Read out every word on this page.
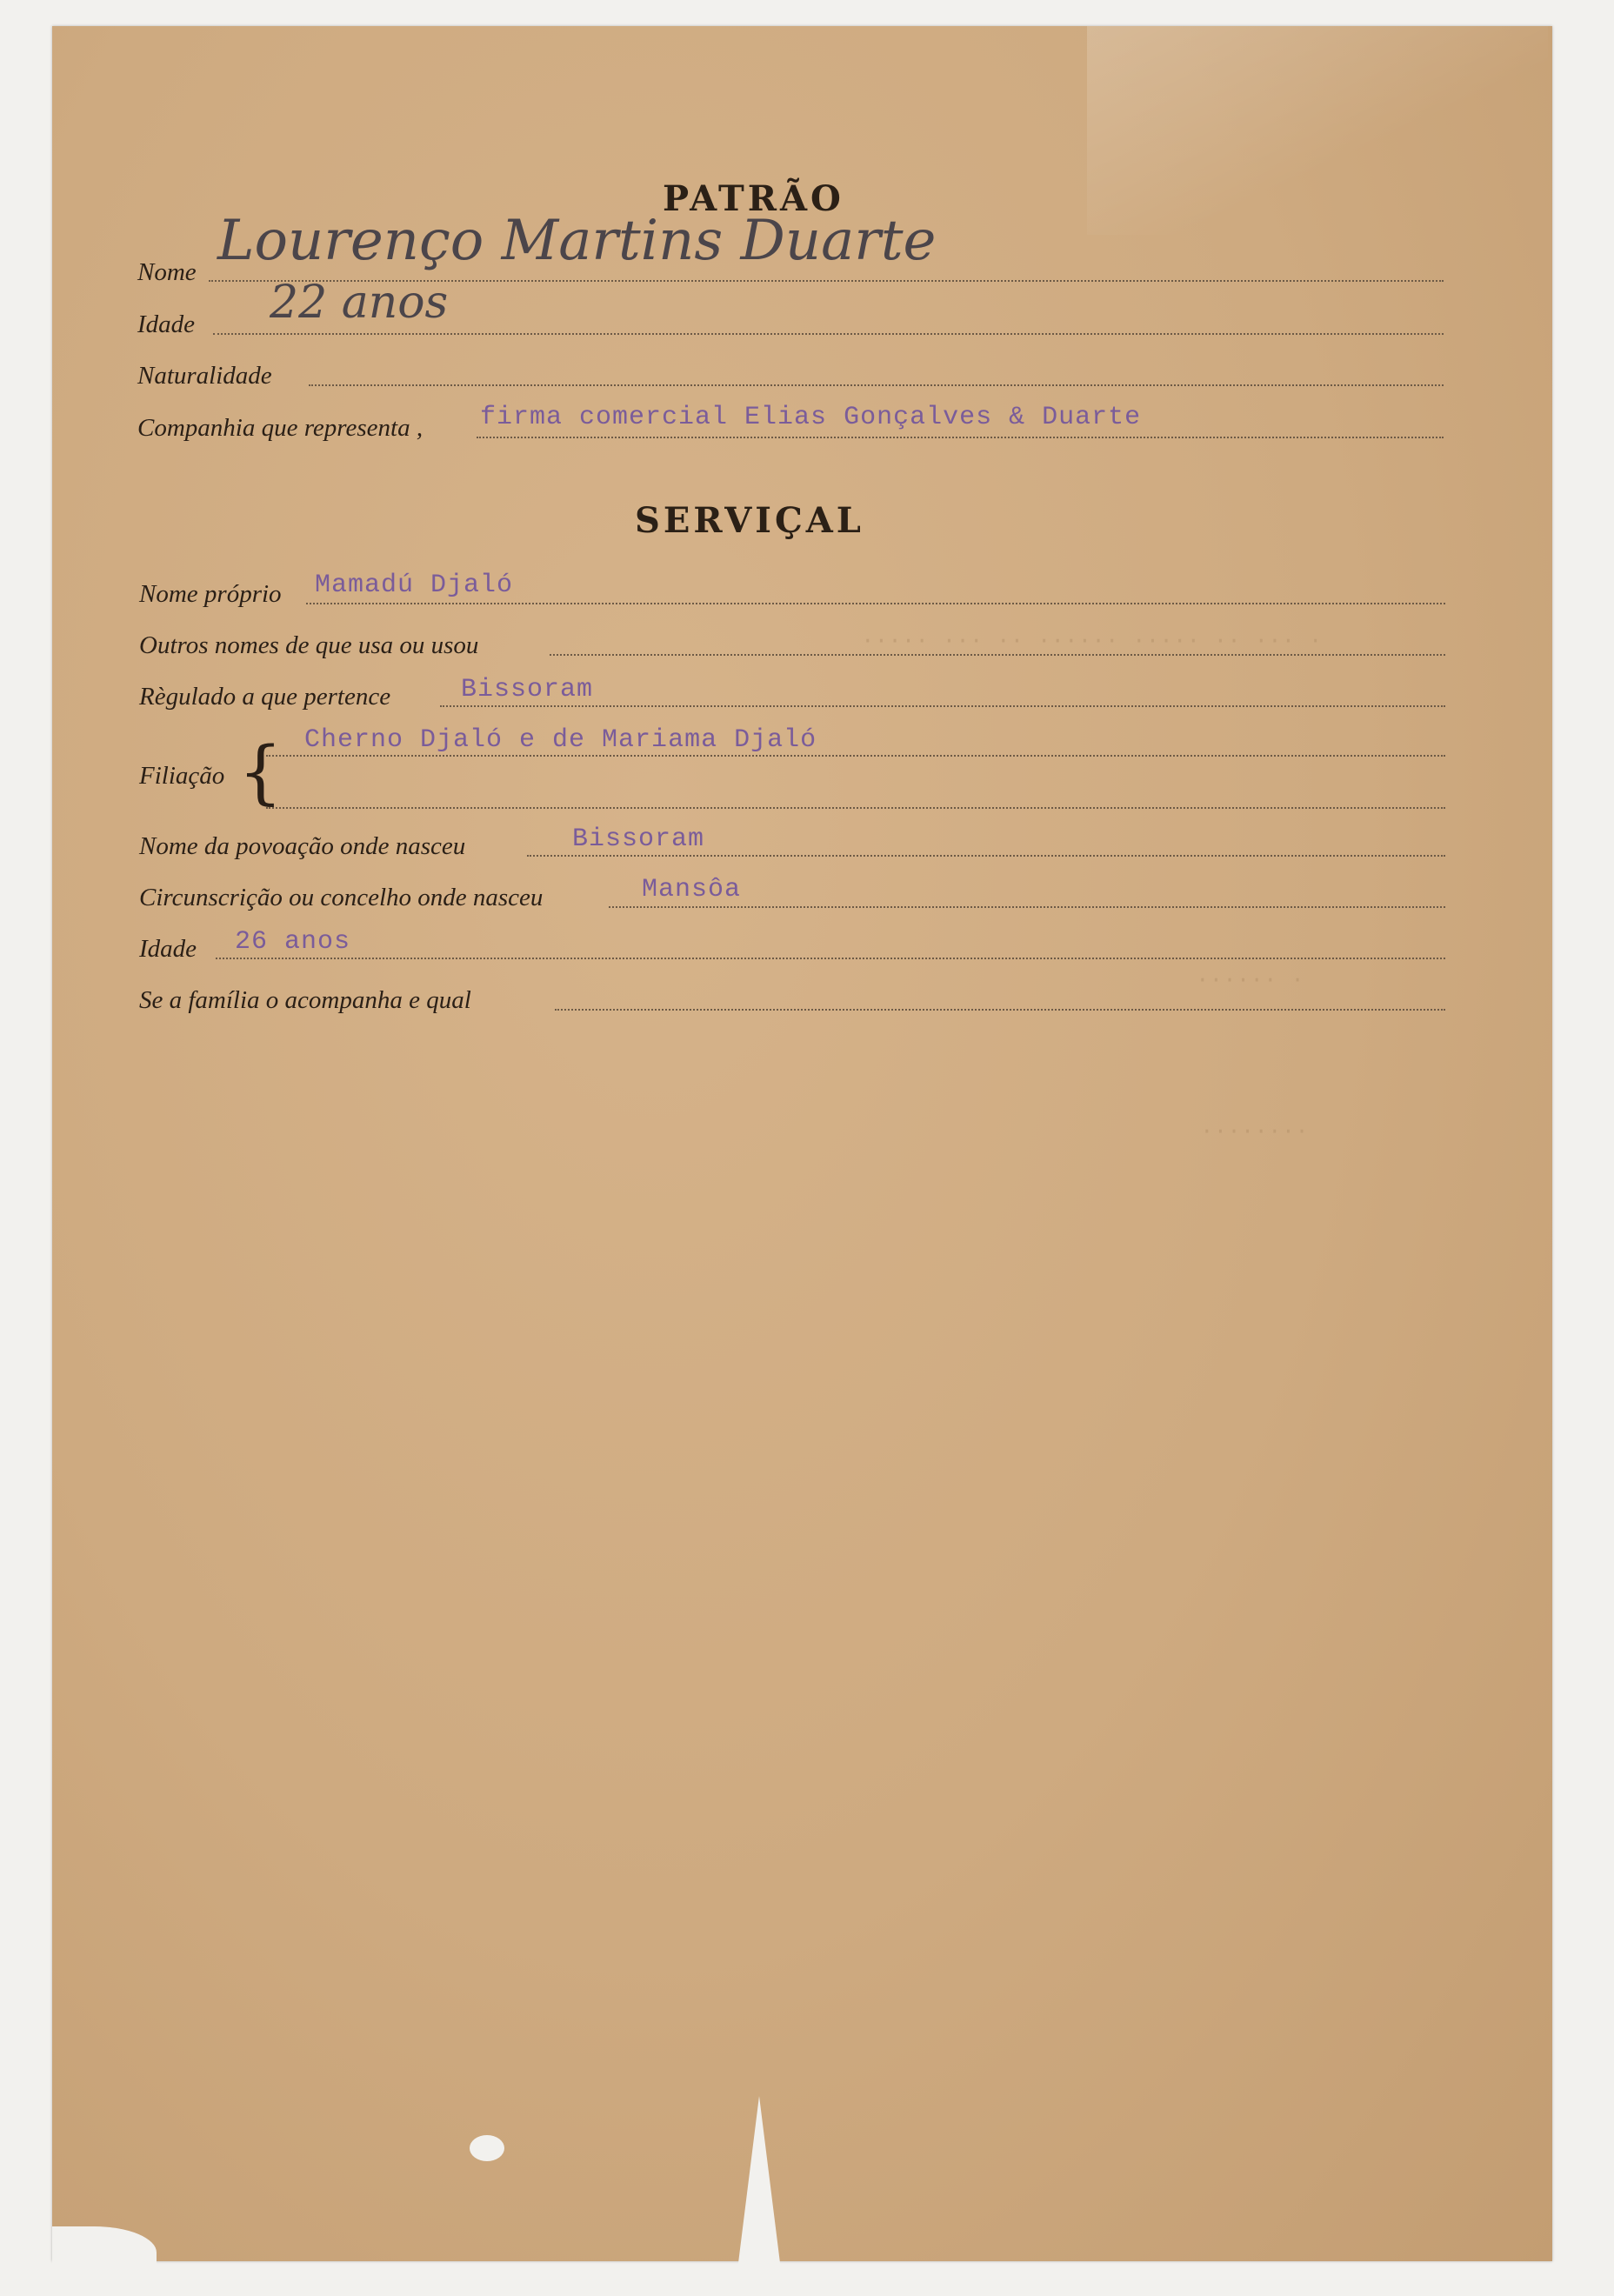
PATRÃO
Nome Lourenço Martins Duarte
Idade 22 anos
Naturalidade
Companhia que representa , firma comercial Elias Gonçalves & Duarte
SERVIÇAL
Nome próprio Mamadú Djaló
Outros nomes de que usa ou usou	····· ··· ·· ······ ····· ·· ··· ·
Règulado a que pertence	Bissoram
Filiação { Cherno Djaló e de Mariama Djaló
Nome da povoação onde nasceu	Bissoram
Circunscrição ou concelho onde nasceu	Mansôa
Idade 26 anos
······ ·
Se a família o acompanha e qual
········
